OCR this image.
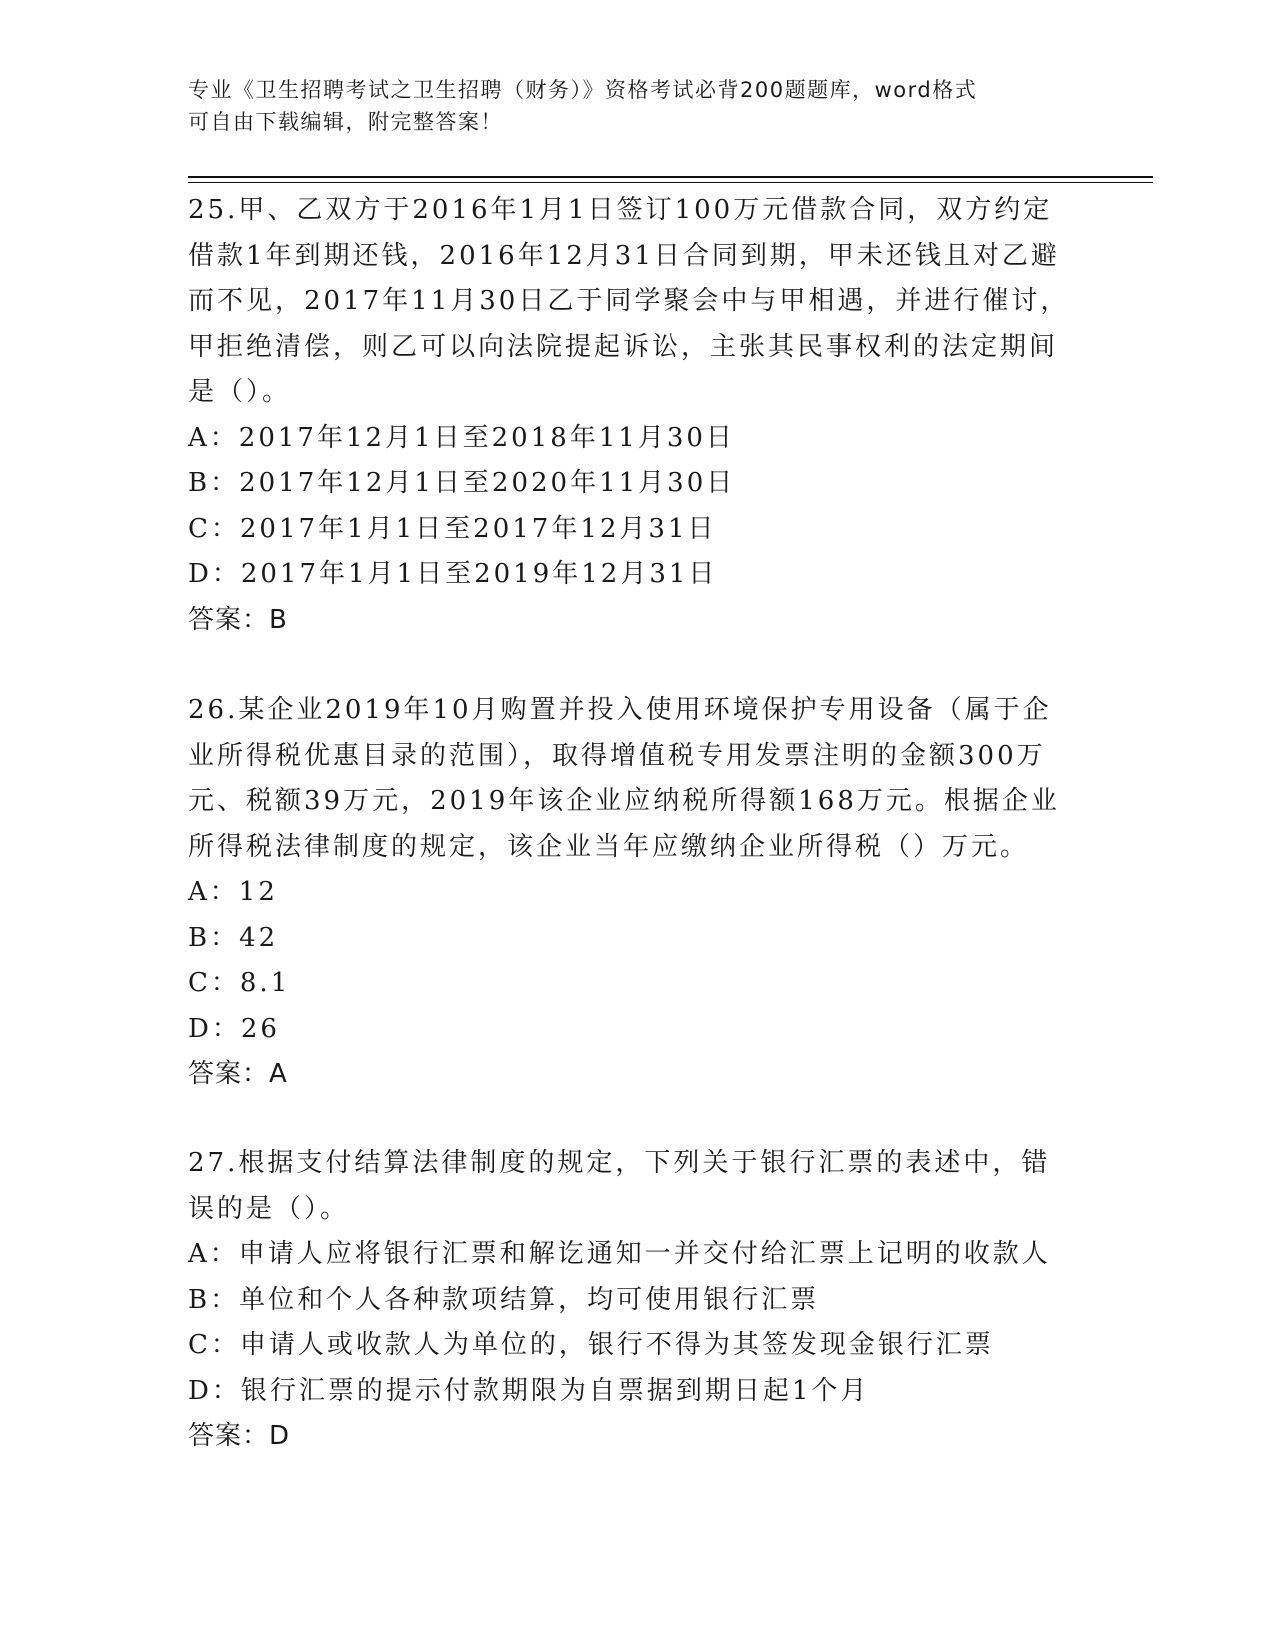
专业《卫生招聘考试之卫生招聘（财务）》资格考试必背200题题库，word格式
可自由下载编辑，附完整答案！

25.甲、乙双方于2016年1月1日签订100万元借款合同，双方约定借款1年到期还钱，2016年12月31日合同到期，甲未还钱且对乙避而不见，2017年11月30日乙于同学聚会中与甲相遇，并进行催讨，甲拒绝清偿，则乙可以向法院提起诉讼，主张其民事权利的法定期间是（）。

A：2017年12月1日至2018年11月30日

B：2017年12月1日至2020年11月30日

C：2017年1月1日至2017年12月31日

D：2017年1月1日至2019年12月31日

答案：B

26.某企业2019年10月购置并投入使用环境保护专用设备（属于企业所得税优惠目录的范围），取得增值税专用发票注明的金额300万元、税额39万元，2019年该企业应纳税所得额168万元。根据企业所得税法律制度的规定，该企业当年应缴纳企业所得税（）万元。

A：12

B：42

C：8.1

D：26

答案：A

27.根据支付结算法律制度的规定，下列关于银行汇票的表述中，错误的是（）。

A：申请人应将银行汇票和解讫通知一并交付给汇票上记明的收款人

B：单位和个人各种款项结算，均可使用银行汇票

C：申请人或收款人为单位的，银行不得为其签发现金银行汇票

D：银行汇票的提示付款期限为自票据到期日起1个月

答案：D
